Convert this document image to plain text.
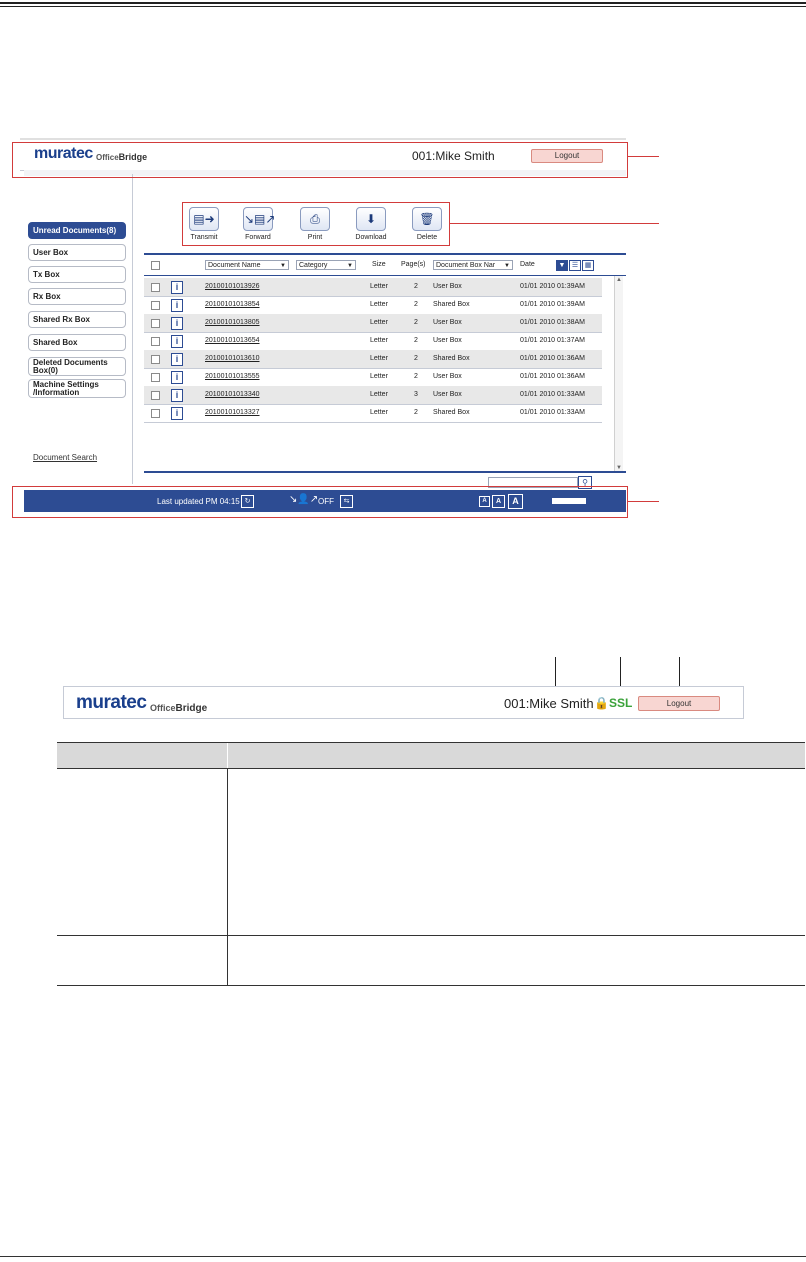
muratec OfficeBridge	001:Mike Smith	Logout
Unread Documents(8)
User Box
Tx Box
Rx Box
Shared Rx Box
Shared Box
Deleted Documents Box(0)
Machine Settings /Information
Document Search
▤➜
Transmit
↘▤↗
Forward
⎙
Print
⬇
Download
🗑
Delete
Document Name	▼	Category	▼	Size Page(s)	Document Box Nar ▼ Date	▼ ☰ ▦
i	20100101013926	Letter	2 User Box	01/01 2010 01:39AM
i	20100101013854	Letter	2 Shared Box	01/01 2010 01:39AM
i	20100101013805	Letter	2 User Box	01/01 2010 01:38AM
i	20100101013654	Letter	2 User Box	01/01 2010 01:37AM
i	20100101013610	Letter	2 Shared Box	01/01 2010 01:36AM
i	20100101013555	Letter	2 User Box	01/01 2010 01:36AM
i	20100101013340	Letter	3 User Box	01/01 2010 01:33AM
i	20100101013327	Letter	2 Shared Box	01/01 2010 01:33AM
▲
▼
⚲
Last updated PM 04:15 ↻	↘👤↗ OFF	⇆	A	A	A
muratec OfficeBridge	001:Mike Smith 🔒SSL	Logout
